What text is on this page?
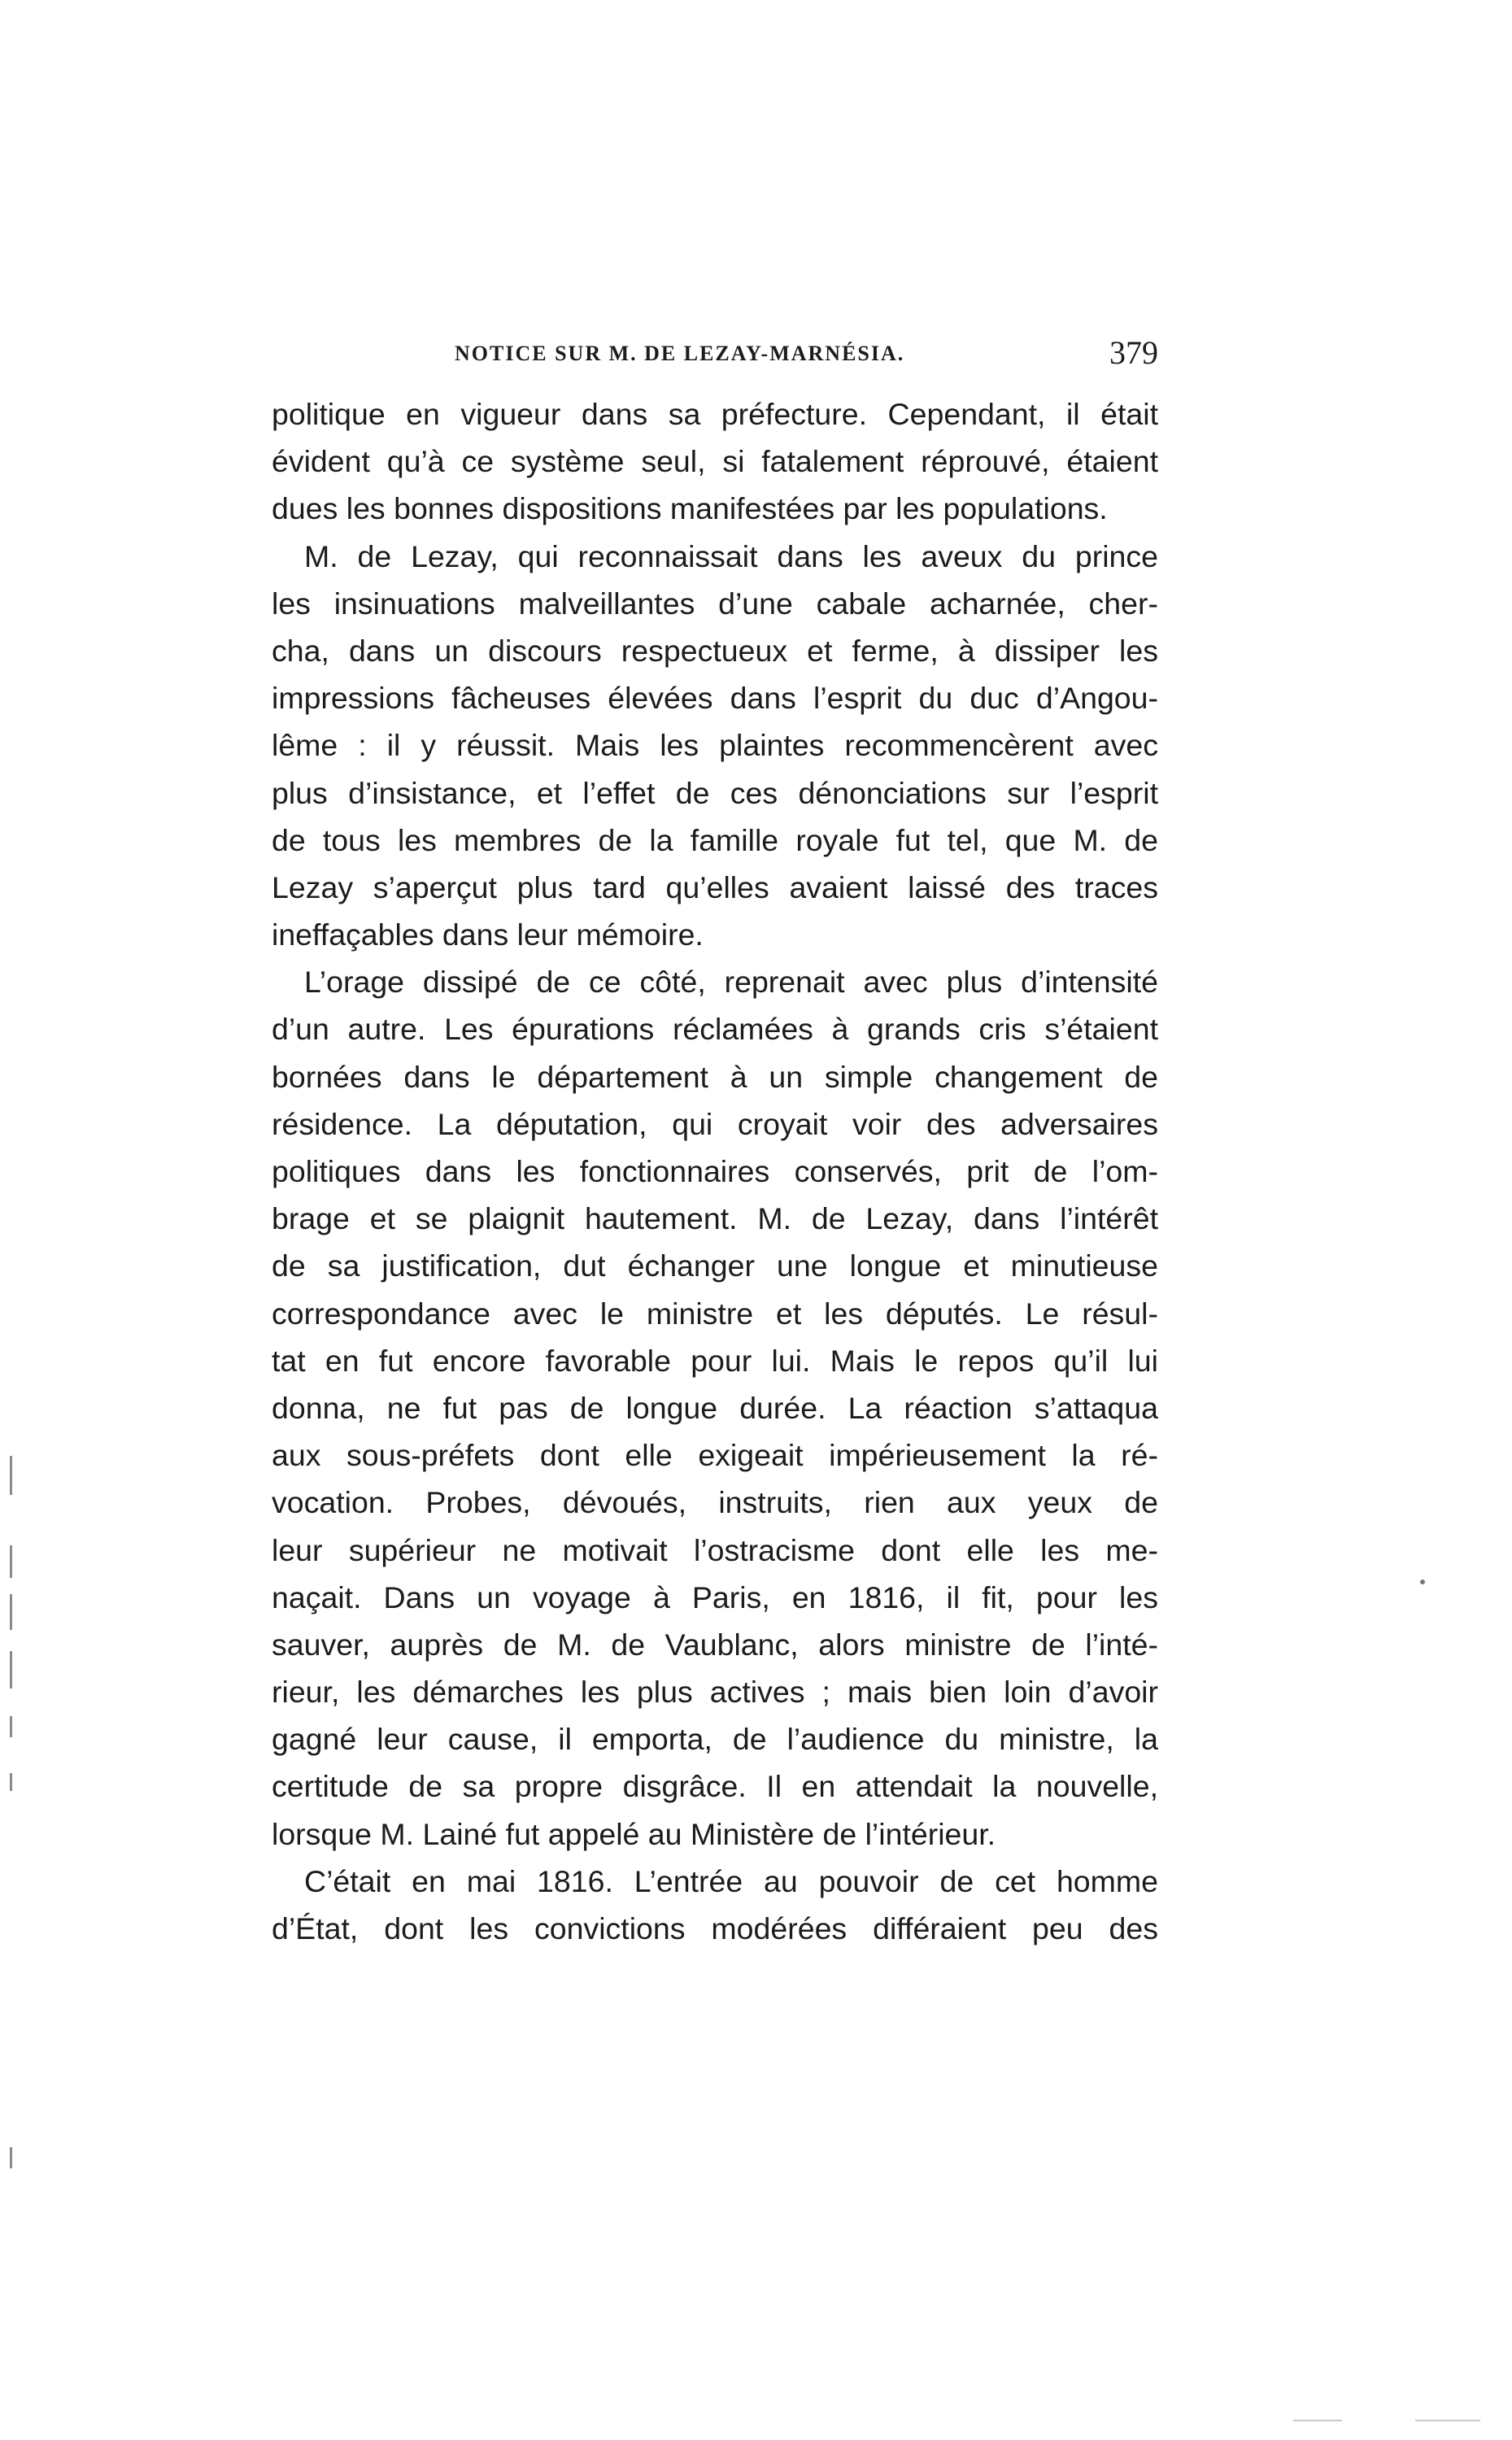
NOTICE SUR M. DE LEZAY-MARNÉSIA.	379
politique en vigueur dans sa préfecture. Cependant, il était
évident qu’à ce système seul, si fatalement réprouvé, étaient
dues les bonnes dispositions manifestées par les populations.
M. de Lezay, qui reconnaissait dans les aveux du prince
les insinuations malveillantes d’une cabale acharnée, cher-
cha, dans un discours respectueux et ferme, à dissiper les
impressions fâcheuses élevées dans l’esprit du duc d’Angou-
lême : il y réussit. Mais les plaintes recommencèrent avec
plus d’insistance, et l’effet de ces dénonciations sur l’esprit
de tous les membres de la famille royale fut tel, que M. de
Lezay s’aperçut plus tard qu’elles avaient laissé des traces
ineffaçables dans leur mémoire.
L’orage dissipé de ce côté, reprenait avec plus d’intensité
d’un autre. Les épurations réclamées à grands cris s’étaient
bornées dans le département à un simple changement de
résidence. La députation, qui croyait voir des adversaires
politiques dans les fonctionnaires conservés, prit de l’om-
brage et se plaignit hautement. M. de Lezay, dans l’intérêt
de sa justification, dut échanger une longue et minutieuse
correspondance avec le ministre et les députés. Le résul-
tat en fut encore favorable pour lui. Mais le repos qu’il lui
donna, ne fut pas de longue durée. La réaction s’attaqua
aux sous-préfets dont elle exigeait impérieusement la ré-
vocation. Probes, dévoués, instruits, rien aux yeux de
leur supérieur ne motivait l’ostracisme dont elle les me-
naçait. Dans un voyage à Paris, en 1816, il fit, pour les
sauver, auprès de M. de Vaublanc, alors ministre de l’inté-
rieur, les démarches les plus actives ; mais bien loin d’avoir
gagné leur cause, il emporta, de l’audience du ministre, la
certitude de sa propre disgrâce. Il en attendait la nouvelle,
lorsque M. Lainé fut appelé au Ministère de l’intérieur.
C’était en mai 1816. L’entrée au pouvoir de cet homme
d’État, dont les convictions modérées différaient peu des
